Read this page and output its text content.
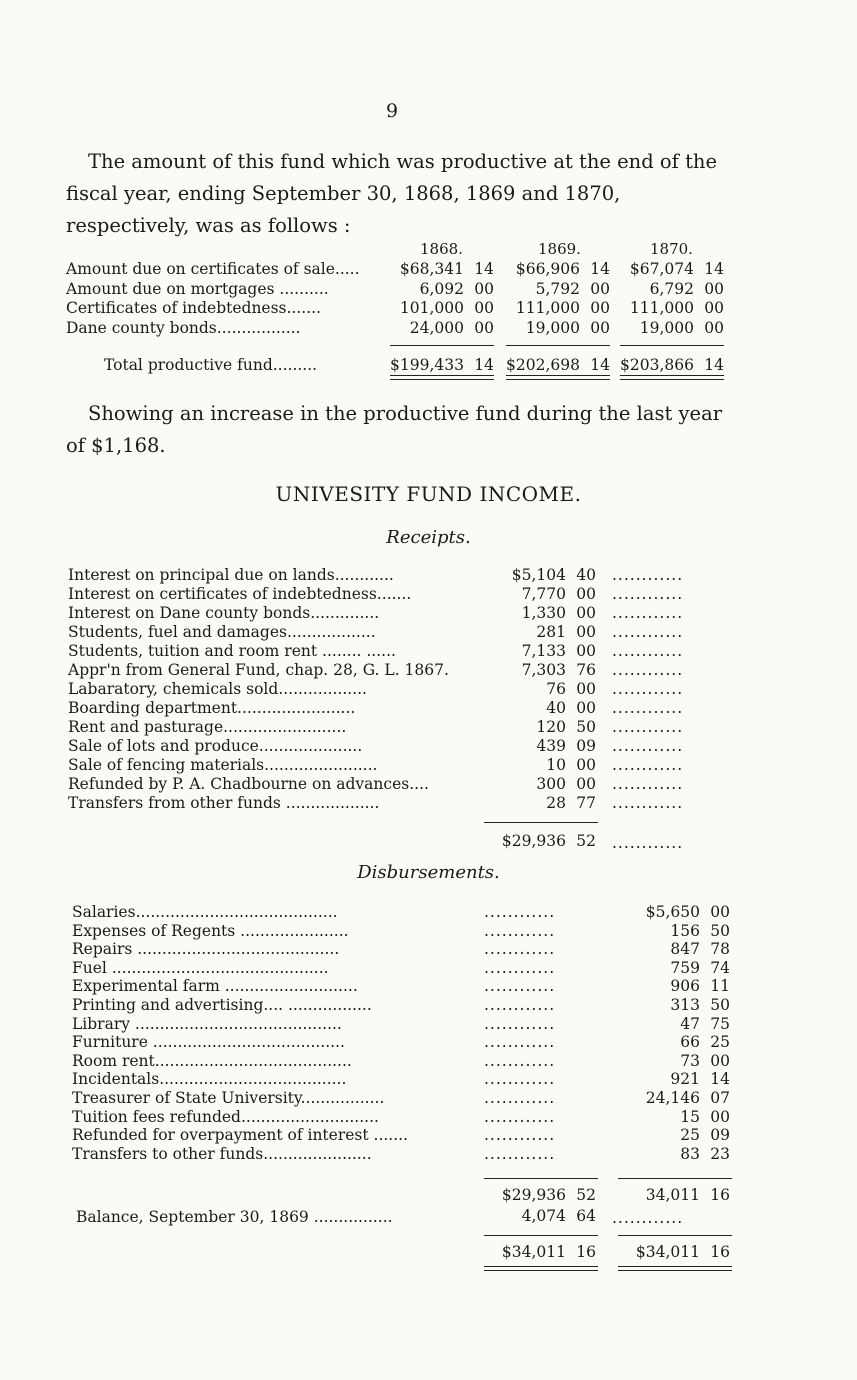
9
The amount of this fund which was productive at the end of the fiscal year, ending September 30, 1868, 1869 and 1870, respectively, was as follows :
1868.	1869.	1870.
Amount due on certificates of sale.....	$68,341 14	$66,906 14	$67,074 14
Amount due on mortgages ..........	6,092 00	5,792 00	6,792 00
Certificates of indebtedness.......	101,000 00	111,000 00	111,000 00
Dane county bonds.................	24,000 00	19,000 00	19,000 00
Total productive fund.........	$199,433 14 $202,698 14 $203,866 14
Showing an increase in the productive fund during the last year of $1,168.
UNIVESITY FUND INCOME.
Receipts.
Interest on principal due on lands............	$5,104 40 ............
Interest on certificates of indebtedness.......	7,770 00 ............
Interest on Dane county bonds..............	1,330 00 ............
Students, fuel and damages..................	281 00 ............
Students, tuition and room rent ........ ......	7,133 00 ............
Appr'n from General Fund, chap. 28, G. L. 1867.	7,303 76 ............
Labaratory, chemicals sold..................	76 00 ............
Boarding department........................	40 00 ............
Rent and pasturage.........................	120 50 ............
Sale of lots and produce.....................	439 09 ............
Sale of fencing materials.......................	10 00 ............
Refunded by P. A. Chadbourne on advances....	300 00 ............
Transfers from other funds ...................	28 77 ............
$29,936 52 ............
Disbursements.
Salaries.........................................	............	$5,650 00
Expenses of Regents ......................	............	156 50
Repairs .........................................	............	847 78
Fuel ............................................	............	759 74
Experimental farm ...........................	............	906 11
Printing and advertising.... .................	............	313 50
Library ..........................................	............	47 75
Furniture .......................................	............	66 25
Room rent........................................	............	73 00
Incidentals......................................	............	921 14
Treasurer of State University.................	............	24,146 07
Tuition fees refunded............................	............	15 00
Refunded for overpayment of interest .......	............	25 09
Transfers to other funds......................	............	83 23
$29,936 52	34,011 16
Balance, September 30, 1869 ................	4,074 64 ............
$34,011 16	$34,011 16
